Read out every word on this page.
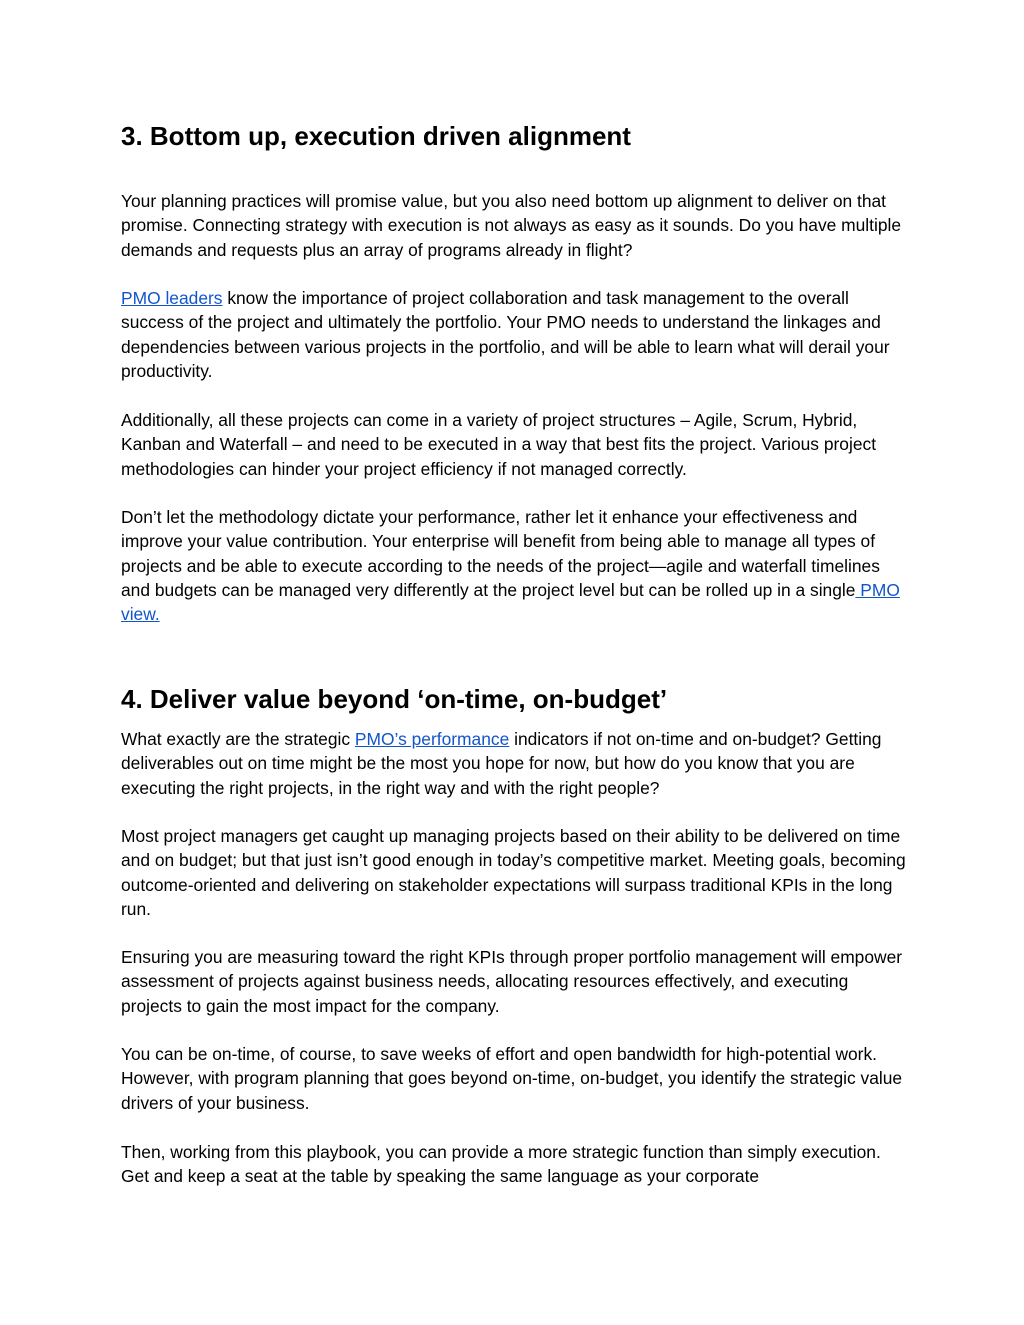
3. Bottom up, execution driven alignment

Your planning practices will promise value, but you also need bottom up alignment to deliver on that promise. Connecting strategy with execution is not always as easy as it sounds. Do you have multiple demands and requests plus an array of programs already in flight?

PMO leaders know the importance of project collaboration and task management to the overall success of the project and ultimately the portfolio. Your PMO needs to understand the linkages and dependencies between various projects in the portfolio, and will be able to learn what will derail your productivity.

Additionally, all these projects can come in a variety of project structures – Agile, Scrum, Hybrid, Kanban and Waterfall – and need to be executed in a way that best fits the project. Various project methodologies can hinder your project efficiency if not managed correctly.

Don’t let the methodology dictate your performance, rather let it enhance your effectiveness and improve your value contribution. Your enterprise will benefit from being able to manage all types of projects and be able to execute according to the needs of the project—agile and waterfall timelines and budgets can be managed very differently at the project level but can be rolled up in a single PMO view.

4. Deliver value beyond ‘on-time, on-budget’

What exactly are the strategic PMO’s performance indicators if not on-time and on-budget? Getting deliverables out on time might be the most you hope for now, but how do you know that you are executing the right projects, in the right way and with the right people?

Most project managers get caught up managing projects based on their ability to be delivered on time and on budget; but that just isn’t good enough in today’s competitive market. Meeting goals, becoming outcome-oriented and delivering on stakeholder expectations will surpass traditional KPIs in the long run.

Ensuring you are measuring toward the right KPIs through proper portfolio management will empower assessment of projects against business needs, allocating resources effectively, and executing projects to gain the most impact for the company.

You can be on-time, of course, to save weeks of effort and open bandwidth for high-potential work. However, with program planning that goes beyond on-time, on-budget, you identify the strategic value drivers of your business.

Then, working from this playbook, you can provide a more strategic function than simply execution. Get and keep a seat at the table by speaking the same language as your corporate
